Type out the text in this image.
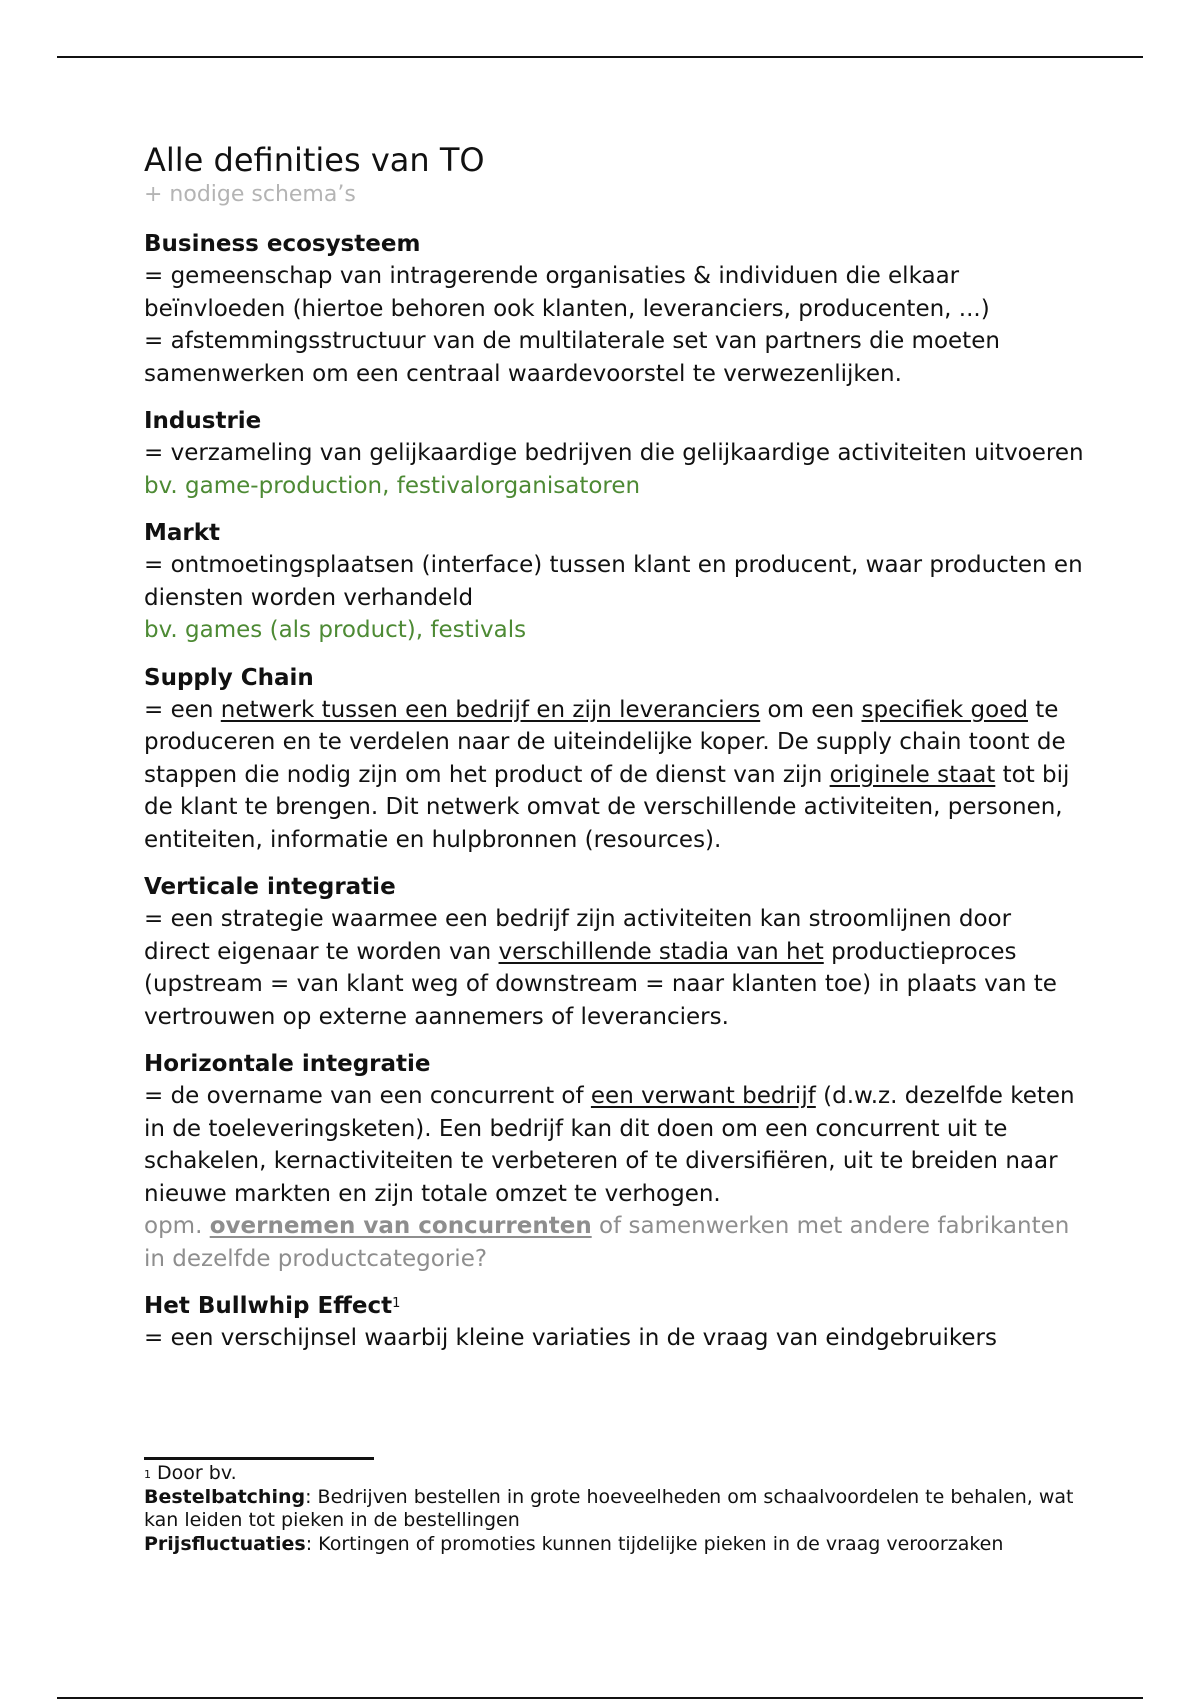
Alle definities van TO

+ nodige schema’s

Business ecosysteem

= gemeenschap van intragerende organisaties & individuen die elkaar beïnvloeden (hiertoe behoren ook klanten, leveranciers, producenten, ...)

= afstemmingsstructuur van de multilaterale set van partners die moeten samenwerken om een centraal waardevoorstel te verwezenlijken.

Industrie

= verzameling van gelijkaardige bedrijven die gelijkaardige activiteiten uitvoeren

bv. game-production, festivalorganisatoren

Markt

= ontmoetingsplaatsen (interface) tussen klant en producent, waar producten en diensten worden verhandeld

bv. games (als product), festivals

Supply Chain

= een netwerk tussen een bedrijf en zijn leveranciers om een specifiek goed te produceren en te verdelen naar de uiteindelijke koper. De supply chain toont de stappen die nodig zijn om het product of de dienst van zijn originele staat tot bij de klant te brengen. Dit netwerk omvat de verschillende activiteiten, personen, entiteiten, informatie en hulpbronnen (resources).

Verticale integratie

= een strategie waarmee een bedrijf zijn activiteiten kan stroomlijnen door direct eigenaar te worden van verschillende stadia van het productieproces (upstream = van klant weg of downstream = naar klanten toe) in plaats van te vertrouwen op externe aannemers of leveranciers.

Horizontale integratie

= de overname van een concurrent of een verwant bedrijf (d.w.z. dezelfde keten in de toeleveringsketen). Een bedrijf kan dit doen om een concurrent uit te schakelen, kernactiviteiten te verbeteren of te diversifiëren, uit te breiden naar nieuwe markten en zijn totale omzet te verhogen.

opm. overnemen van concurrenten of samenwerken met andere fabrikanten in dezelfde productcategorie?

Het Bullwhip Effect$^1$

= een verschijnsel waarbij kleine variaties in de vraag van eindgebruikers

$^1$ Door bv.

Bestelbatching: Bedrijven bestellen in grote hoeveelheden om schaalvoordelen te behalen, wat kan leiden tot pieken in de bestellingen

Prijsfluctuaties: Kortingen of promoties kunnen tijdelijke pieken in de vraag veroorzaken
